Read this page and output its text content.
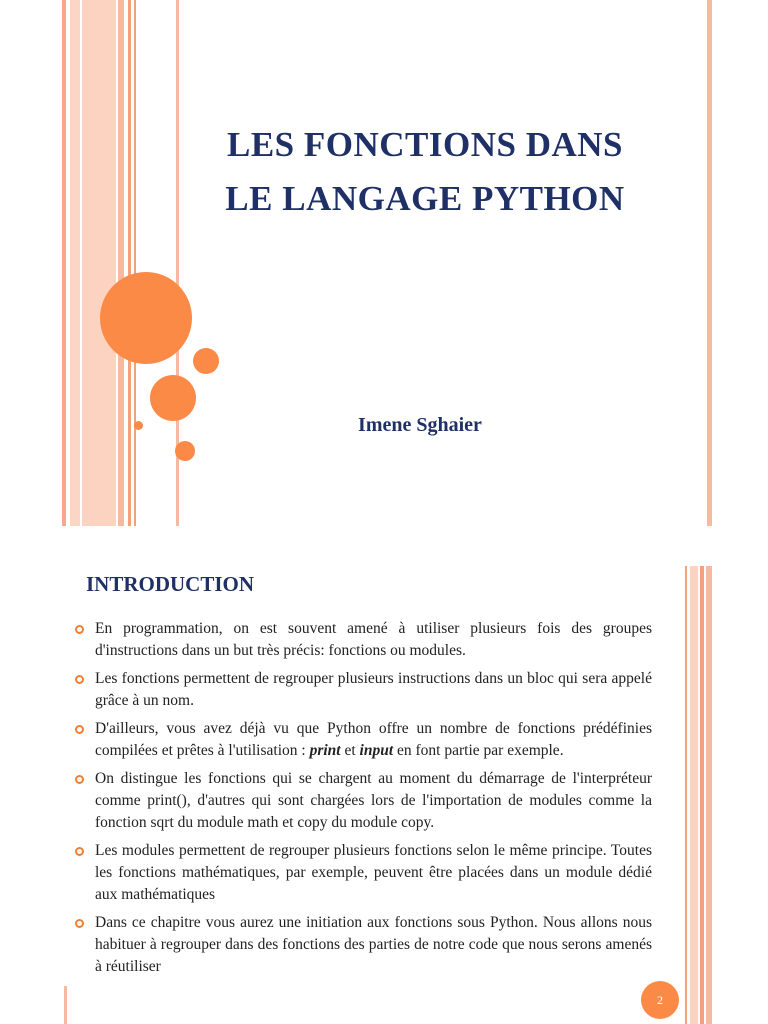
LES FONCTIONS DANS
LE LANGAGE PYTHON
Imene Sghaier
INTRODUCTION
En programmation, on est souvent amené à utiliser plusieurs fois des groupes d'instructions dans un but très précis: fonctions ou modules.
Les fonctions permettent de regrouper plusieurs instructions dans un bloc qui sera appelé grâce à un nom.
D'ailleurs, vous avez déjà vu que Python offre un nombre de fonctions prédéfinies compilées et prêtes à l'utilisation : print et input en font partie par exemple.
On distingue les fonctions qui se chargent au moment du démarrage de l'interpréteur comme print(), d'autres qui sont chargées lors de l'importation de modules comme la fonction sqrt du module math et copy du module copy.
Les modules permettent de regrouper plusieurs fonctions selon le même principe. Toutes les fonctions mathématiques, par exemple, peuvent être placées dans un module dédié aux mathématiques
Dans ce chapitre vous aurez une initiation aux fonctions sous Python. Nous allons nous habituer à regrouper dans des fonctions des parties de notre code que nous serons amenés à réutiliser
2
